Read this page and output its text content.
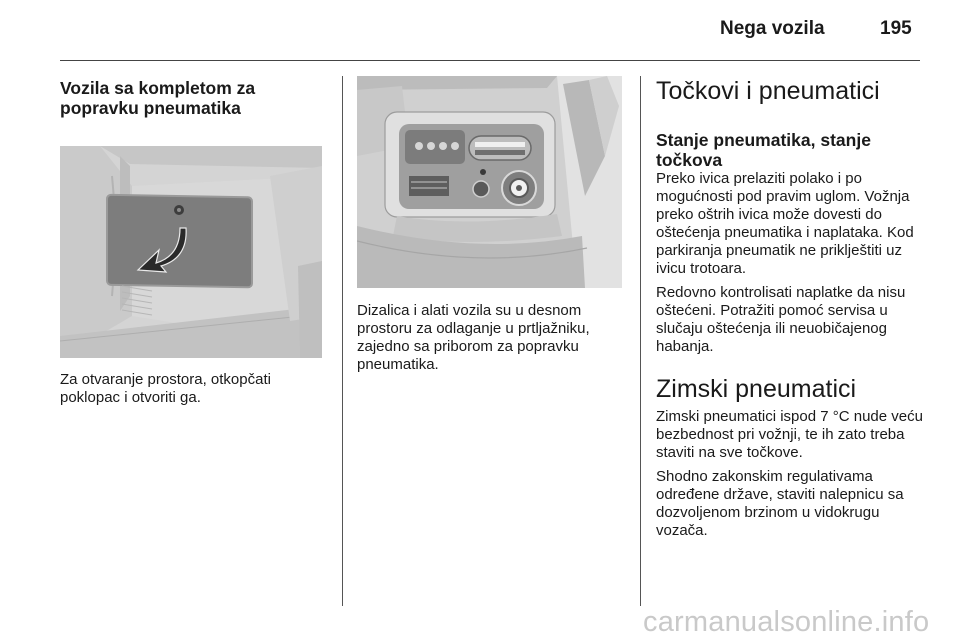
Nega vozila	195
Vozila sa kompletom za popravku pneumatika

Za otvaranje prostora, otkopčati poklopac i otvoriti ga.

Dizalica i alati vozila su u desnom prostoru za odlaganje u prtljažniku, zajedno sa priborom za popravku pneumatika.

Točkovi i pneumatici
Stanje pneumatika, stanje točkova

Preko ivica prelaziti polako i po mogućnosti pod pravim uglom. Vožnja preko oštrih ivica može dovesti do oštećenja pneumatika i naplataka. Kod parkiranja pneumatik ne priklještiti uz ivicu trotoara.

Redovno kontrolisati naplatke da nisu oštećeni. Potražiti pomoć servisa u slučaju oštećenja ili neuobičajenog habanja.

Zimski pneumatici

Zimski pneumatici ispod 7 °C nude veću bezbednost pri vožnji, te ih zato treba staviti na sve točkove.

Shodno zakonskim regulativama određene države, staviti nalepnicu sa dozvoljenom brzinom u vidokrugu vozača.

carmanualsonline.info
